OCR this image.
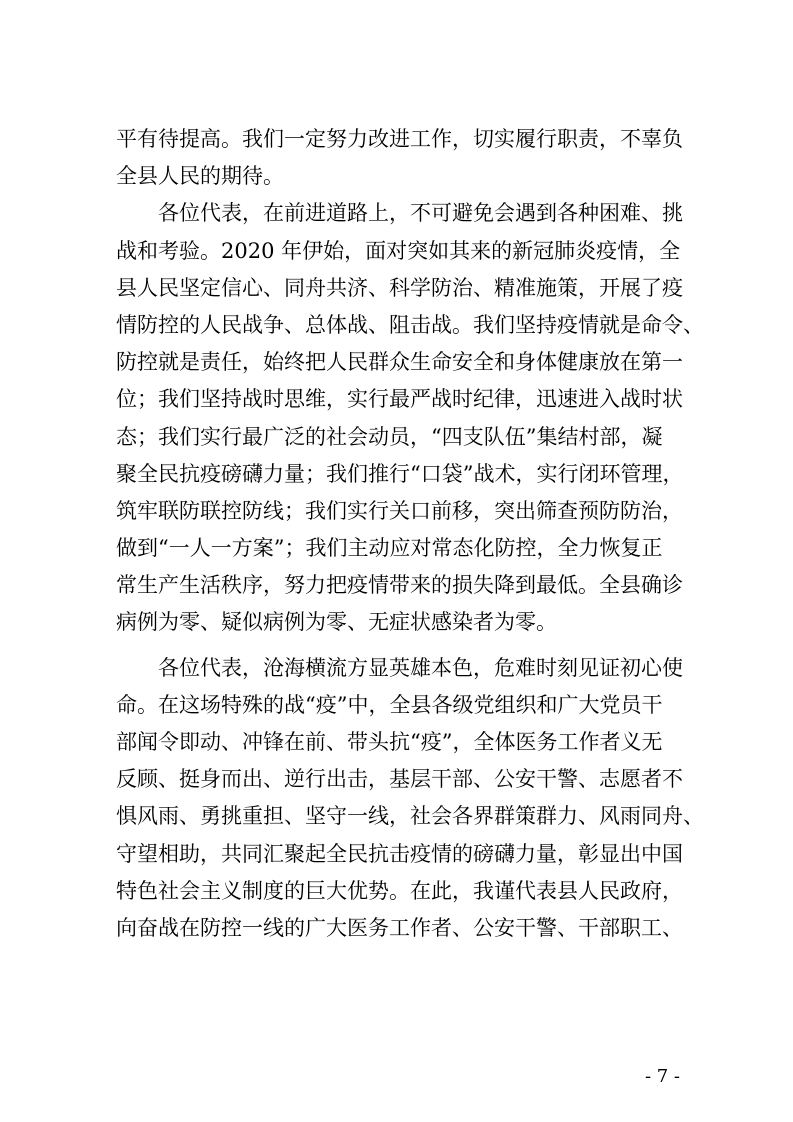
平有待提高。我们一定努力改进工作，切实履行职责，不辜负
全县人民的期待。
　　各位代表，在前进道路上，不可避免会遇到各种困难、挑
战和考验。2020 年伊始，面对突如其来的新冠肺炎疫情，全
县人民坚定信心、同舟共济、科学防治、精准施策，开展了疫
情防控的人民战争、总体战、阻击战。我们坚持疫情就是命令、
防控就是责任，始终把人民群众生命安全和身体健康放在第一
位；我们坚持战时思维，实行最严战时纪律，迅速进入战时状
态；我们实行最广泛的社会动员，“四支队伍”集结村部，凝
聚全民抗疫磅礴力量；我们推行“口袋”战术，实行闭环管理，
筑牢联防联控防线；我们实行关口前移，突出筛查预防防治，
做到“一人一方案”；我们主动应对常态化防控，全力恢复正
常生产生活秩序，努力把疫情带来的损失降到最低。全县确诊
病例为零、疑似病例为零、无症状感染者为零。
　　各位代表，沧海横流方显英雄本色，危难时刻见证初心使
命。在这场特殊的战“疫”中，全县各级党组织和广大党员干
部闻令即动、冲锋在前、带头抗“疫”，全体医务工作者义无
反顾、挺身而出、逆行出击，基层干部、公安干警、志愿者不
惧风雨、勇挑重担、坚守一线，社会各界群策群力、风雨同舟、
守望相助，共同汇聚起全民抗击疫情的磅礴力量，彰显出中国
特色社会主义制度的巨大优势。在此，我谨代表县人民政府，
向奋战在防控一线的广大医务工作者、公安干警、干部职工、
- 7 -
